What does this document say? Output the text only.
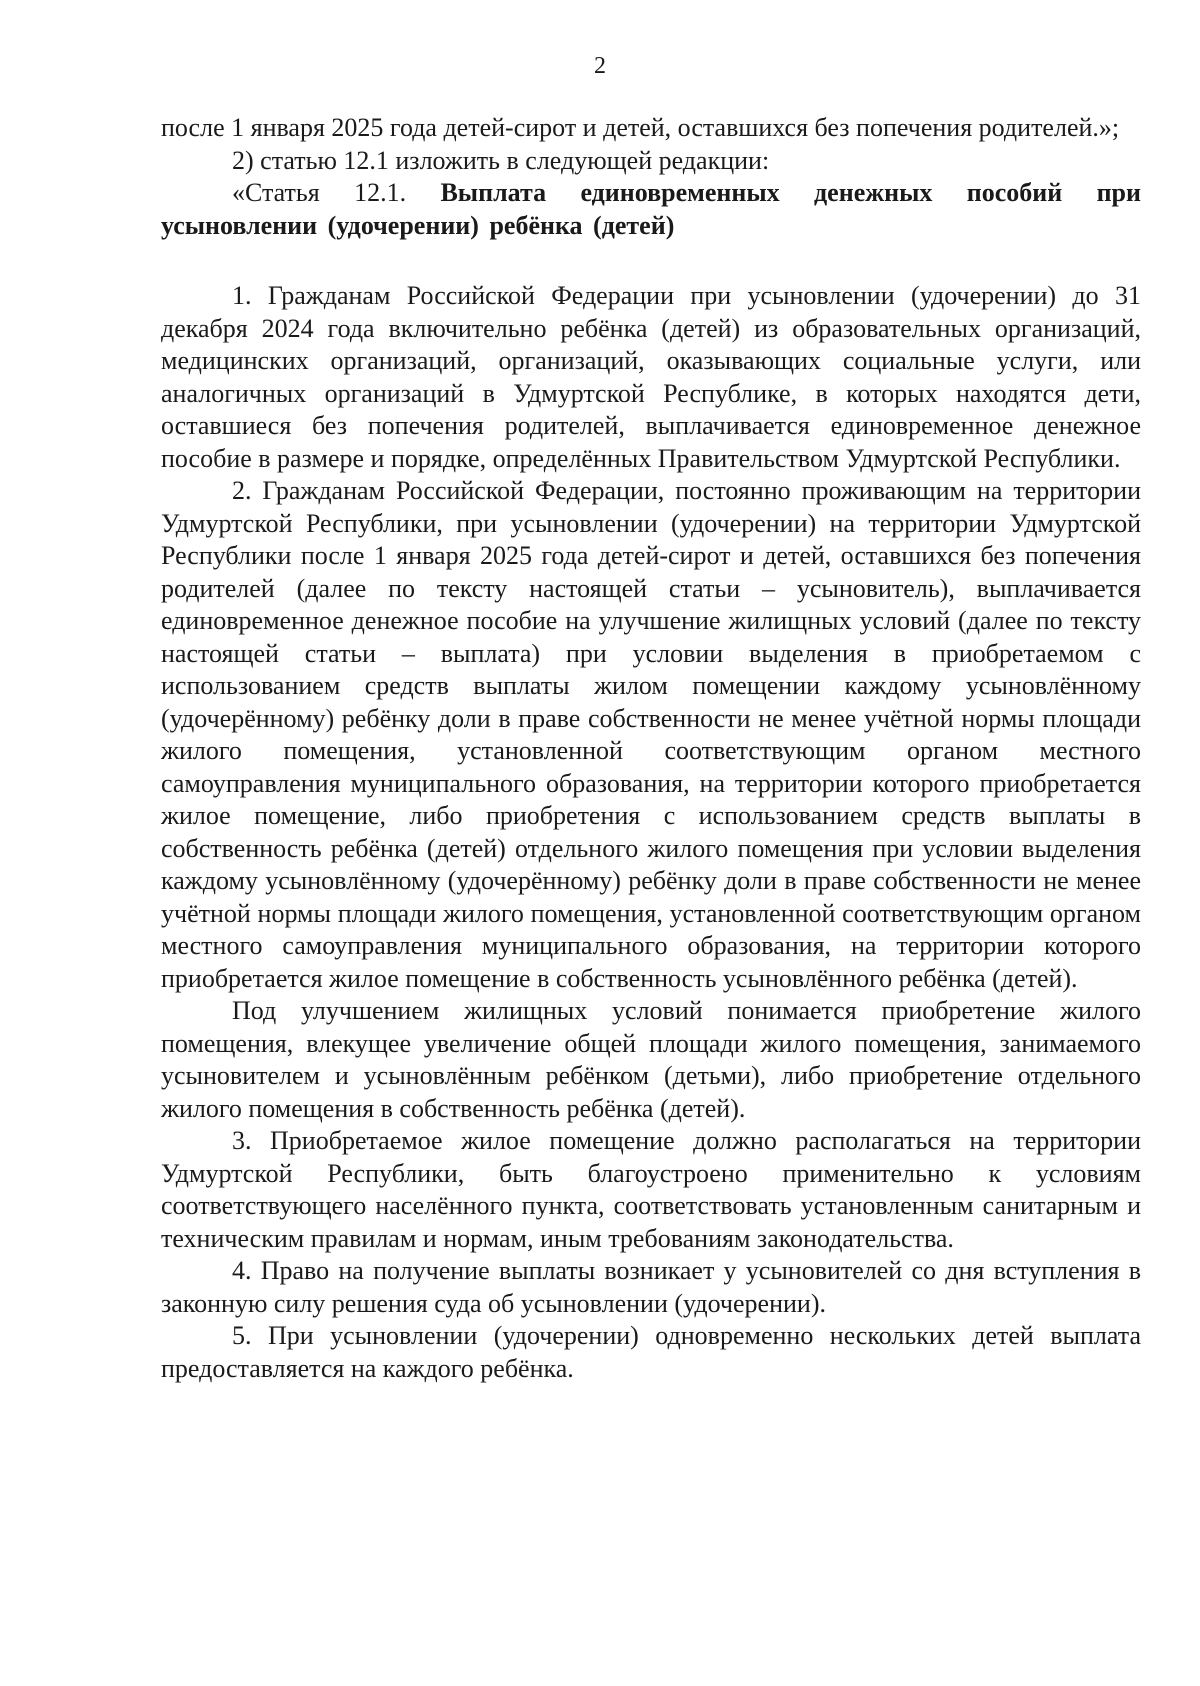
2

после 1 января 2025 года детей-сирот и детей, оставшихся без попечения родителей.»;

2) статью 12.1 изложить в следующей редакции:

«Статья 12.1. Выплата единовременных денежных пособий при усыновлении (удочерении) ребёнка (детей)

1. Гражданам Российской Федерации при усыновлении (удочерении) до 31 декабря 2024 года включительно ребёнка (детей) из образовательных организаций, медицинских организаций, организаций, оказывающих социальные услуги, или аналогичных организаций в Удмуртской Республике, в которых находятся дети, оставшиеся без попечения родителей, выплачивается единовременное денежное пособие в размере и порядке, определённых Правительством Удмуртской Республики.

2. Гражданам Российской Федерации, постоянно проживающим на территории Удмуртской Республики, при усыновлении (удочерении) на территории Удмуртской Республики после 1 января 2025 года детей-сирот и детей, оставшихся без попечения родителей (далее по тексту настоящей статьи – усыновитель), выплачивается единовременное денежное пособие на улучшение жилищных условий (далее по тексту настоящей статьи – выплата) при условии выделения в приобретаемом с использованием средств выплаты жилом помещении каждому усыновлённому (удочерённому) ребёнку доли в праве собственности не менее учётной нормы площади жилого помещения, установленной соответствующим органом местного самоуправления муниципального образования, на территории которого приобретается жилое помещение, либо приобретения с использованием средств выплаты в собственность ребёнка (детей) отдельного жилого помещения при условии выделения каждому усыновлённому (удочерённому) ребёнку доли в праве собственности не менее учётной нормы площади жилого помещения, установленной соответствующим органом местного самоуправления муниципального образования, на территории которого приобретается жилое помещение в собственность усыновлённого ребёнка (детей).

Под улучшением жилищных условий понимается приобретение жилого помещения, влекущее увеличение общей площади жилого помещения, занимаемого усыновителем и усыновлённым ребёнком (детьми), либо приобретение отдельного жилого помещения в собственность ребёнка (детей).

3. Приобретаемое жилое помещение должно располагаться на территории Удмуртской Республики, быть благоустроено применительно к условиям соответствующего населённого пункта, соответствовать установленным санитарным и техническим правилам и нормам, иным требованиям законодательства.

4. Право на получение выплаты возникает у усыновителей со дня вступления в законную силу решения суда об усыновлении (удочерении).

5. При усыновлении (удочерении) одновременно нескольких детей выплата предоставляется на каждого ребёнка.
